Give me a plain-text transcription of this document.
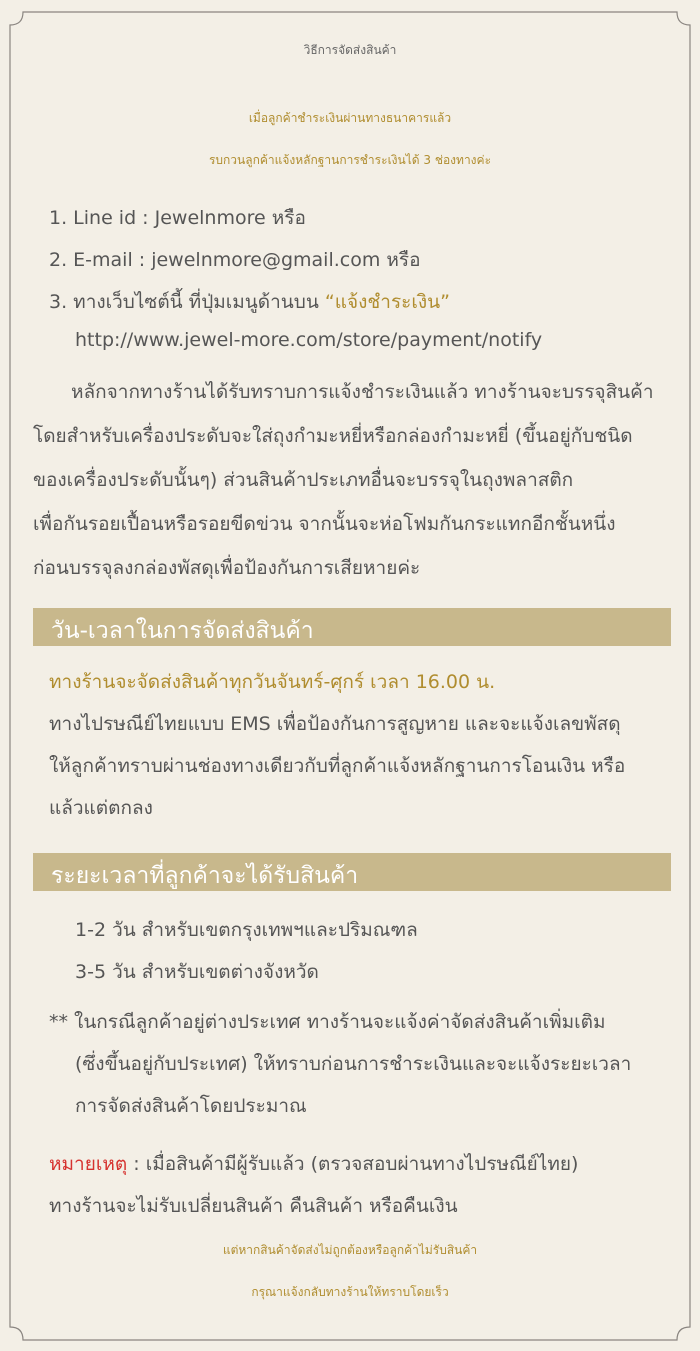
วิธีการจัดส่งสินค้า
เมื่อลูกค้าชำระเงินผ่านทางธนาคารแล้ว
รบกวนลูกค้าแจ้งหลักฐานการชำระเงินได้ 3 ช่องทางค่ะ
1. Line id : Jewelnmore หรือ
2. E-mail : jewelnmore@gmail.com หรือ
3. ทางเว็บไซต์นี้ ที่ปุ่มเมนูด้านบน “แจ้งชำระเงิน”
http://www.jewel-more.com/store/payment/notify
หลักจากทางร้านได้รับทราบการแจ้งชำระเงินแล้ว ทางร้านจะบรรจุสินค้า
โดยสำหรับเครื่องประดับจะใส่ถุงกำมะหยี่หรือกล่องกำมะหยี่ (ขึ้นอยู่กับชนิด
ของเครื่องประดับนั้นๆ) ส่วนสินค้าประเภทอื่นจะบรรจุในถุงพลาสติก
เพื่อกันรอยเปื้อนหรือรอยขีดข่วน จากนั้นจะห่อโฟมกันกระแทกอีกชั้นหนึ่ง
ก่อนบรรจุลงกล่องพัสดุเพื่อป้องกันการเสียหายค่ะ
วัน-เวลาในการจัดส่งสินค้า
ทางร้านจะจัดส่งสินค้าทุกวันจันทร์-ศุกร์ เวลา 16.00 น.
ทางไปรษณีย์ไทยแบบ EMS เพื่อป้องกันการสูญหาย และจะแจ้งเลขพัสดุ
ให้ลูกค้าทราบผ่านช่องทางเดียวกับที่ลูกค้าแจ้งหลักฐานการโอนเงิน หรือ
แล้วแต่ตกลง
ระยะเวลาที่ลูกค้าจะได้รับสินค้า
1-2 วัน สำหรับเขตกรุงเทพฯและปริมณฑล
3-5 วัน สำหรับเขตต่างจังหวัด
** ในกรณีลูกค้าอยู่ต่างประเทศ ทางร้านจะแจ้งค่าจัดส่งสินค้าเพิ่มเติม
(ซึ่งขึ้นอยู่กับประเทศ) ให้ทราบก่อนการชำระเงินและจะแจ้งระยะเวลา
การจัดส่งสินค้าโดยประมาณ
หมายเหตุ : เมื่อสินค้ามีผู้รับแล้ว (ตรวจสอบผ่านทางไปรษณีย์ไทย)
ทางร้านจะไม่รับเปลี่ยนสินค้า คืนสินค้า หรือคืนเงิน
แต่หากสินค้าจัดส่งไม่ถูกต้องหรือลูกค้าไม่รับสินค้า
กรุณาแจ้งกลับทางร้านให้ทราบโดยเร็ว
